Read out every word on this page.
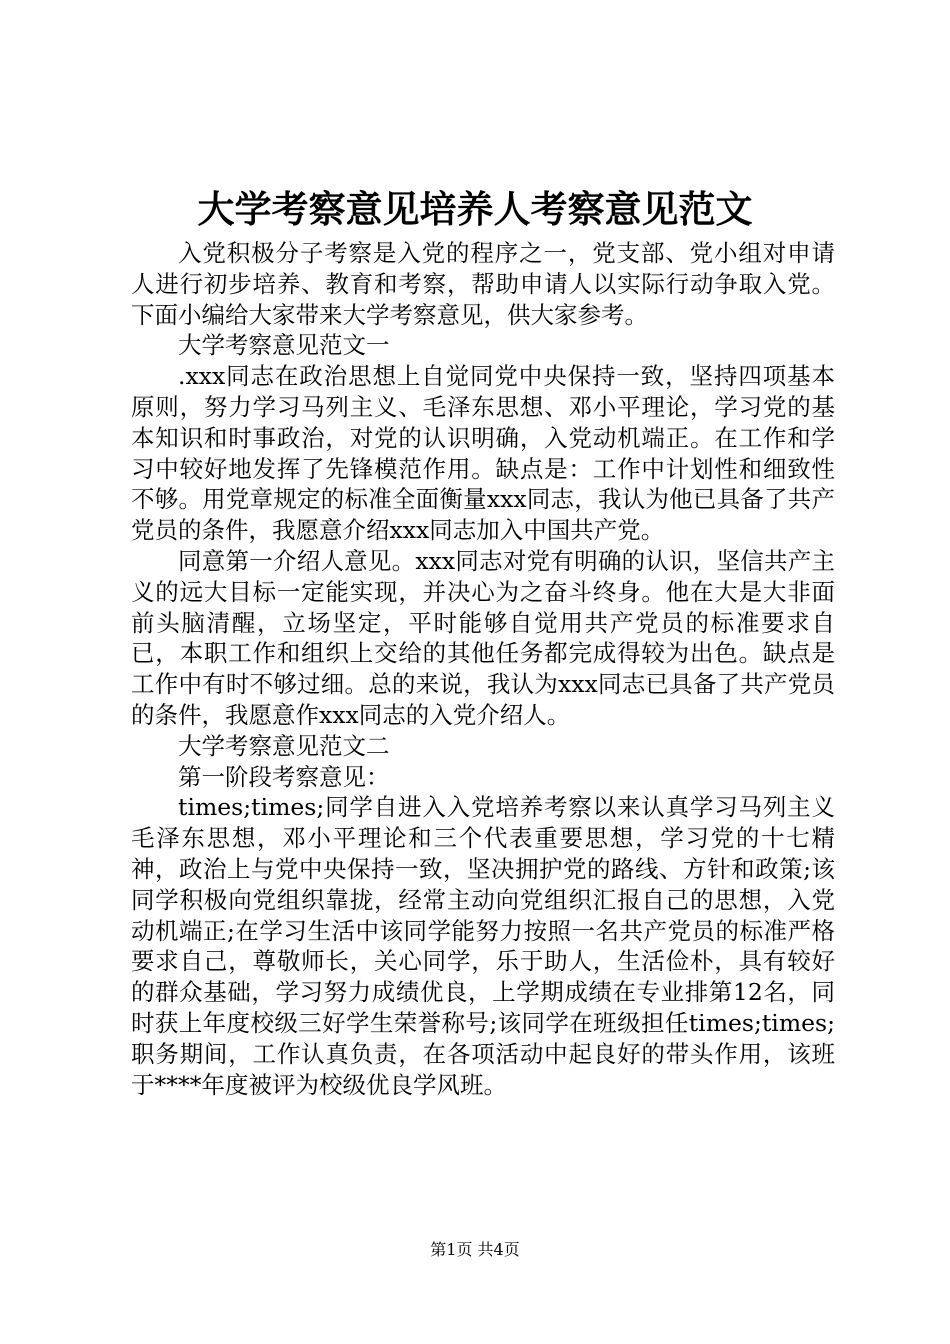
大学考察意见培养人考察意见范文

入党积极分子考察是入党的程序之一，党支部、党小组对申请人进行初步培养、教育和考察，帮助申请人以实际行动争取入党。下面小编给大家带来大学考察意见，供大家参考。

大学考察意见范文一

.xxx同志在政治思想上自觉同党中央保持一致，坚持四项基本原则，努力学习马列主义、毛泽东思想、邓小平理论，学习党的基本知识和时事政治，对党的认识明确，入党动机端正。在工作和学习中较好地发挥了先锋模范作用。缺点是：工作中计划性和细致性不够。用党章规定的标准全面衡量xxx同志，我认为他已具备了共产党员的条件，我愿意介绍xxx同志加入中国共产党。

同意第一介绍人意见。xxx同志对党有明确的认识，坚信共产主义的远大目标一定能实现，并决心为之奋斗终身。他在大是大非面前头脑清醒，立场坚定，平时能够自觉用共产党员的标准要求自已，本职工作和组织上交给的其他任务都完成得较为出色。缺点是工作中有时不够过细。总的来说，我认为xxx同志已具备了共产党员的条件，我愿意作xxx同志的入党介绍人。

大学考察意见范文二

第一阶段考察意见：

times;times;同学自进入入党培养考察以来认真学习马列主义毛泽东思想，邓小平理论和三个代表重要思想，学习党的十七精神，政治上与党中央保持一致，坚决拥护党的路线、方针和政策;该同学积极向党组织靠拢，经常主动向党组织汇报自己的思想，入党动机端正;在学习生活中该同学能努力按照一名共产党员的标准严格要求自己，尊敬师长，关心同学，乐于助人，生活俭朴，具有较好的群众基础，学习努力成绩优良，上学期成绩在专业排第12名，同时获上年度校级三好学生荣誉称号;该同学在班级担任times;times;职务期间，工作认真负责，在各项活动中起良好的带头作用，该班于****年度被评为校级优良学风班。

第1页 共4页
